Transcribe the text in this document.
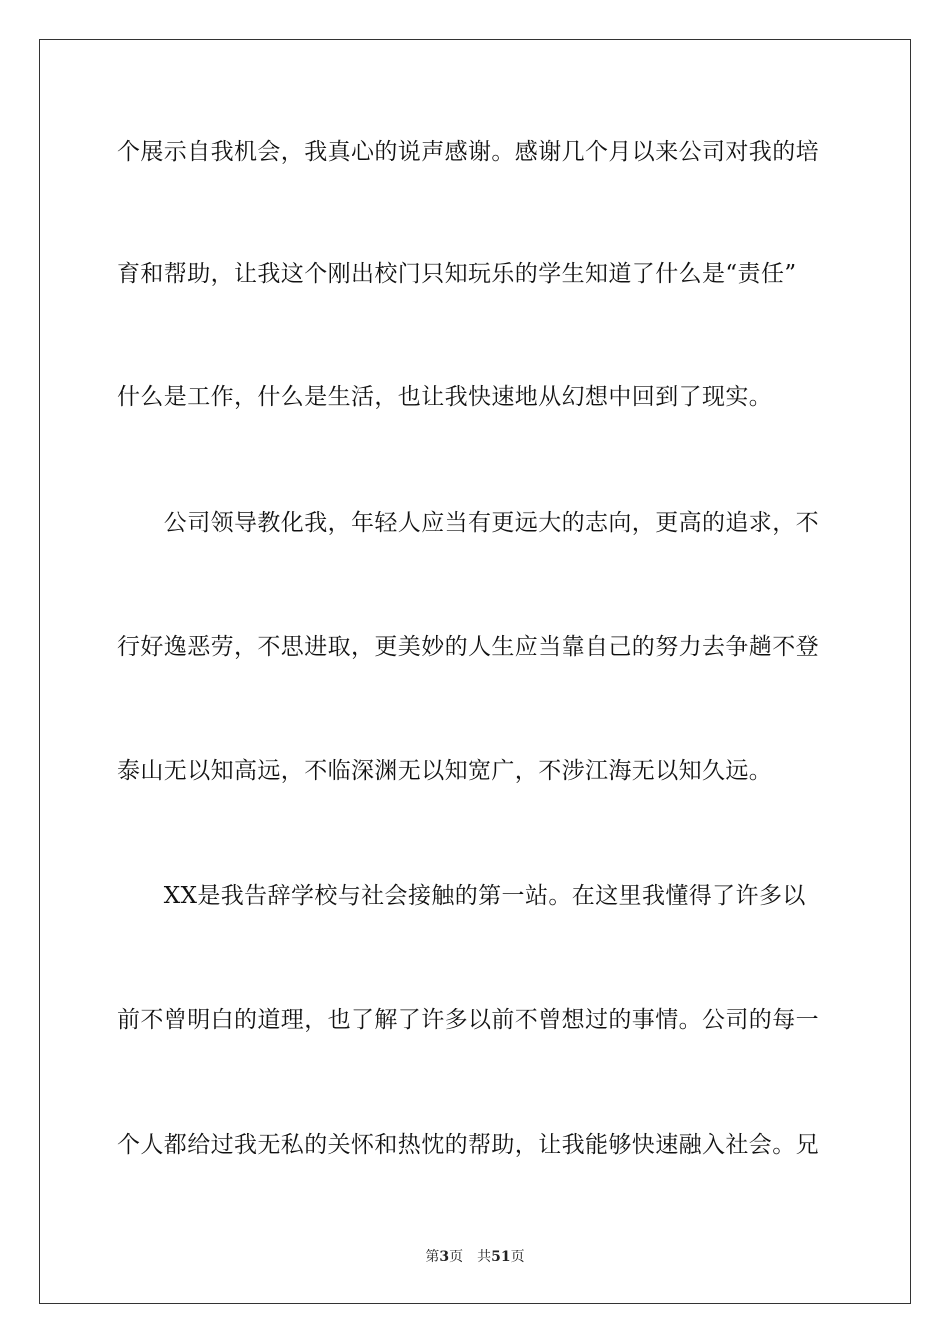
个展示自我机会，我真心的说声感谢。感谢几个月以来公司对我的培
育和帮助，让我这个刚出校门只知玩乐的学生知道了什么是“责任”
什么是工作，什么是生活，也让我快速地从幻想中回到了现实。
　　公司领导教化我，年轻人应当有更远大的志向，更高的追求，不
行好逸恶劳，不思进取，更美妙的人生应当靠自己的努力去争趟不登
泰山无以知高远，不临深渊无以知宽广，不涉江海无以知久远。
　　XX是我告辞学校与社会接触的第一站。在这里我懂得了许多以
前不曾明白的道理，也了解了许多以前不曾想过的事情。公司的每一
个人都给过我无私的关怀和热忱的帮助，让我能够快速融入社会。兄
第3页 共51页
